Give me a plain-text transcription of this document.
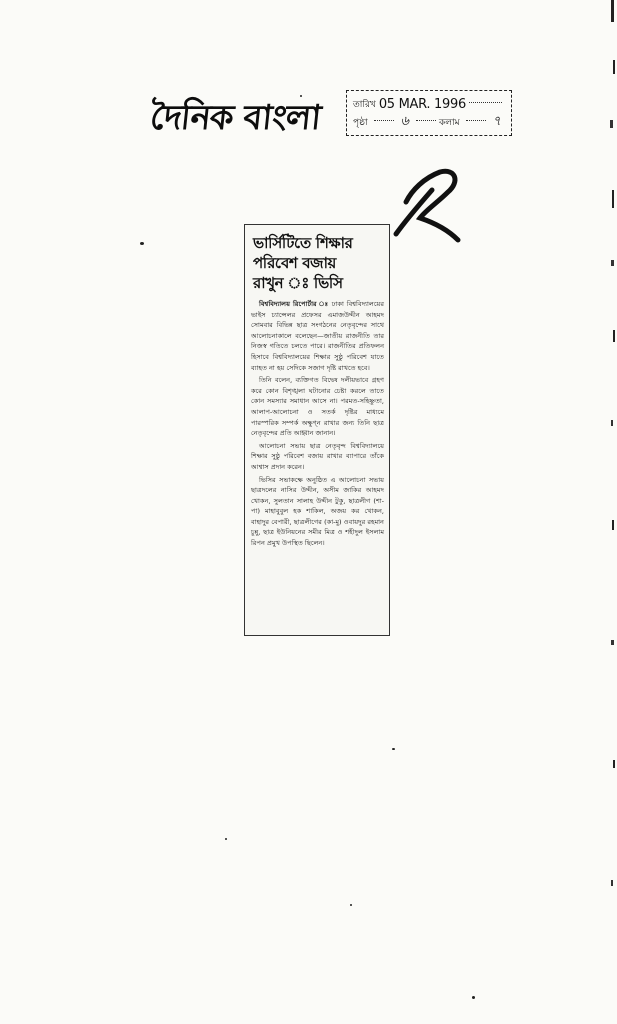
দৈনিক বাংলা	তারিখ 05 MAR. 1996
পৃষ্ঠা	৬	কলাম	৭
ভার্সিটিতে শিক্ষার
পরিবেশ বজায়
রাখুন ঃ ভিসি

বিশ্ববিদ্যালয় রিপোর্টার ঃ ঢাকা বিশ্ববিদ্যালয়ের ভাইস চ্যান্সেলর প্রফেসর এমাজউদ্দীন আহমদ সোমবার বিভিন্ন ছাত্র সংগঠনের নেতৃবৃন্দের সাথে আলোচনাকালে বলেছেন—জাতীয় রাজনীতি তার নিজস্ব গতিতে চলতে পারে। রাজনীতির প্রতিফলন হিসাবে বিশ্ববিদ্যালয়ের শিক্ষার সুষ্ঠু পরিবেশ যাতে ব্যাহত না হয় সেদিকে সজাগ দৃষ্টি রাখতে হবে।

তিনি বলেন, ব্যক্তিগত বিদ্বেষ দলীয়ভাবে গ্রহণ করে কোন বিশৃঙ্খলা ঘটানোর চেষ্টা করলে তাতে কোন সমস্যার সমাধান আসে না। পরমত-সহিষ্ণুতা, আলাপ-আলোচনা ও সতর্ক দৃষ্টির মাধ্যমে পারস্পরিক সম্পর্ক অক্ষুণ্ন রাখার জন্য তিনি ছাত্র নেতৃবৃন্দের প্রতি আহ্বান জানান।

আলোচনা সভায় ছাত্র নেতৃবৃন্দ বিশ্ববিদ্যালয়ে শিক্ষার সুষ্ঠু পরিবেশ বজায় রাখার ব্যাপারে তাঁকে আশ্বাস প্রদান করেন।

ভিসির সভাকক্ষে অনুষ্ঠিত এ আলোচনা সভায় ছাত্রদলের নাসির উদ্দীন, অসীম জাকির আহমদ খোকন, সুলতান সালাহ উদ্দীন টুকু, ছাত্রলীগ (শা-পা) মাহাবুবুল হক শাকিল, অজয় কর খোকন, বাহাদুর বেপারী, ছাত্রলীগের (কা-মু) ওবায়দুর রহমান চুন্নু, ছাত্র ইউনিয়নের সমীর মিত্র ও শহীদুল ইসলাম রিপন প্রমুখ উপস্থিত ছিলেন।
